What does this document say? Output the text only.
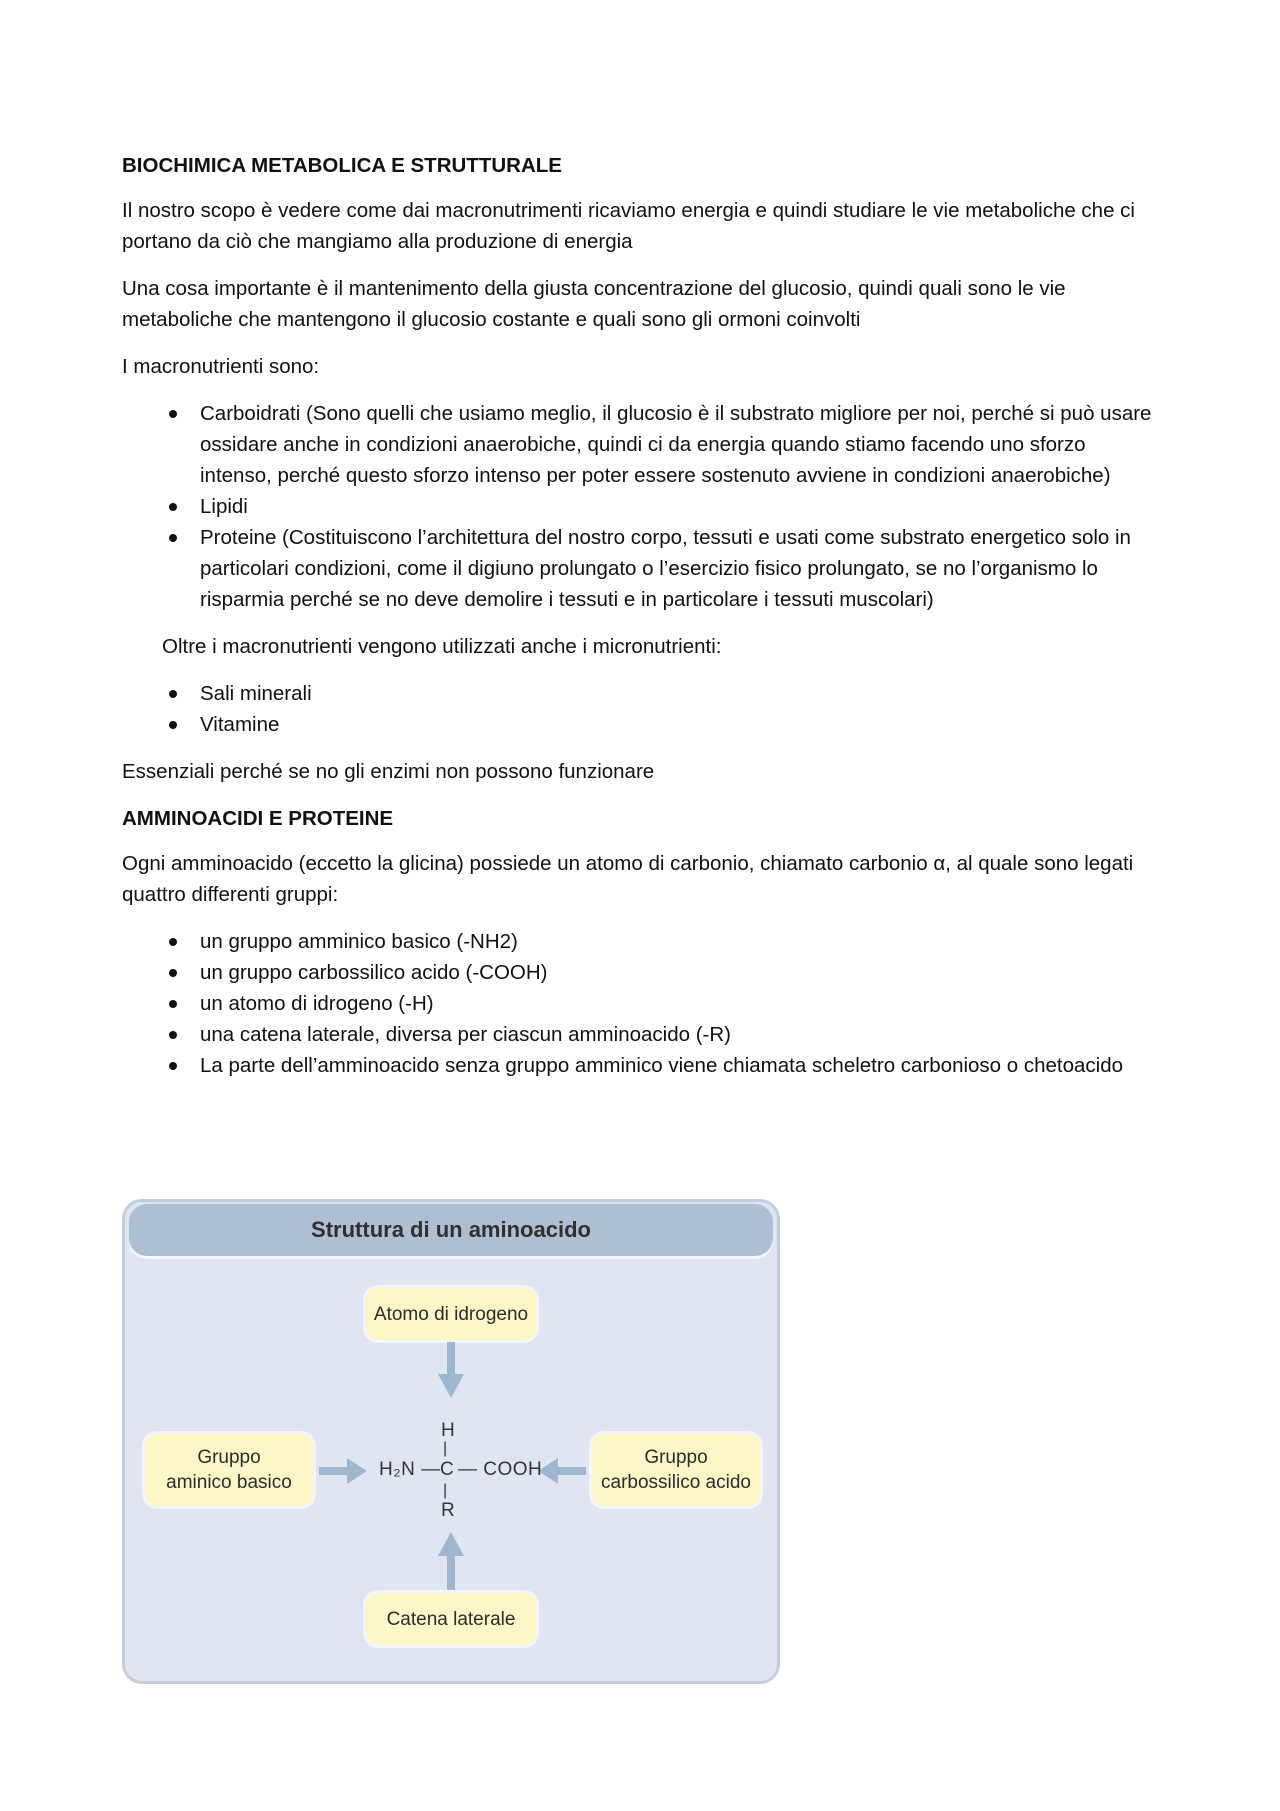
BIOCHIMICA METABOLICA E STRUTTURALE

Il nostro scopo è vedere come dai macronutrimenti ricaviamo energia e quindi studiare le vie metaboliche che ci portano da ciò che mangiamo alla produzione di energia

Una cosa importante è il mantenimento della giusta concentrazione del glucosio, quindi quali sono le vie metaboliche che mantengono il glucosio costante e quali sono gli ormoni coinvolti

I macronutrienti sono:

Carboidrati (Sono quelli che usiamo meglio, il glucosio è il substrato migliore per noi, perché si può usare ossidare anche in condizioni anaerobiche, quindi ci da energia quando stiamo facendo uno sforzo intenso, perché questo sforzo intenso per poter essere sostenuto avviene in condizioni anaerobiche)
Lipidi
Proteine (Costituiscono l’architettura del nostro corpo, tessuti e usati come substrato energetico solo in particolari condizioni, come il digiuno prolungato o l’esercizio fisico prolungato, se no l’organismo lo risparmia perché se no deve demolire i tessuti e in particolare i tessuti muscolari)

Oltre i macronutrienti vengono utilizzati anche i micronutrienti:

Sali minerali
Vitamine

Essenziali perché se no gli enzimi non possono funzionare

AMMINOACIDI E PROTEINE

Ogni amminoacido (eccetto la glicina) possiede un atomo di carbonio, chiamato carbonio α, al quale sono legati quattro differenti gruppi:

un gruppo amminico basico (-NH2)
un gruppo carbossilico acido (-COOH)
un atomo di idrogeno (-H)
una catena laterale, diversa per ciascun amminoacido (-R)
La parte dell’amminoacido senza gruppo amminico viene chiamata scheletro carbonioso o chetoacido
Struttura di un aminoacido
Atomo di idrogeno
Gruppo
aminico basico
Gruppo
carbossilico acido
Catena laterale
H
|
H₂N — C — COOH
|
R
